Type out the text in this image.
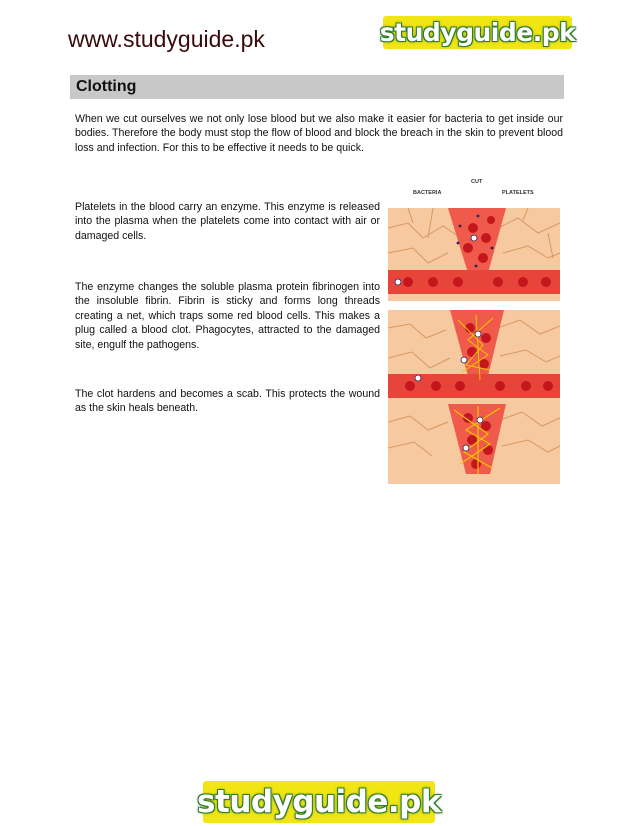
www.studyguide.pk	studyguide.pk
Clotting
When we cut ourselves we not only lose blood but we also make it easier for bacteria to get inside our bodies. Therefore the body must stop the flow of blood and block the breach in the skin to prevent blood loss and infection. For this to be effective it needs to be quick.
Platelets in the blood carry an enzyme. This enzyme is released into the plasma when the platelets come into contact with air or damaged cells.
The enzyme changes the soluble plasma protein fibrinogen into the insoluble fibrin. Fibrin is sticky and forms long threads creating a net, which traps some red blood cells. This makes a plug called a blood clot. Phagocytes, attracted to the damaged site, engulf the pathogens.
The clot hardens and becomes a scab. This protects the wound as the skin heals beneath.
BACTERIA
CUT
PLATELETS
studyguide.pk
